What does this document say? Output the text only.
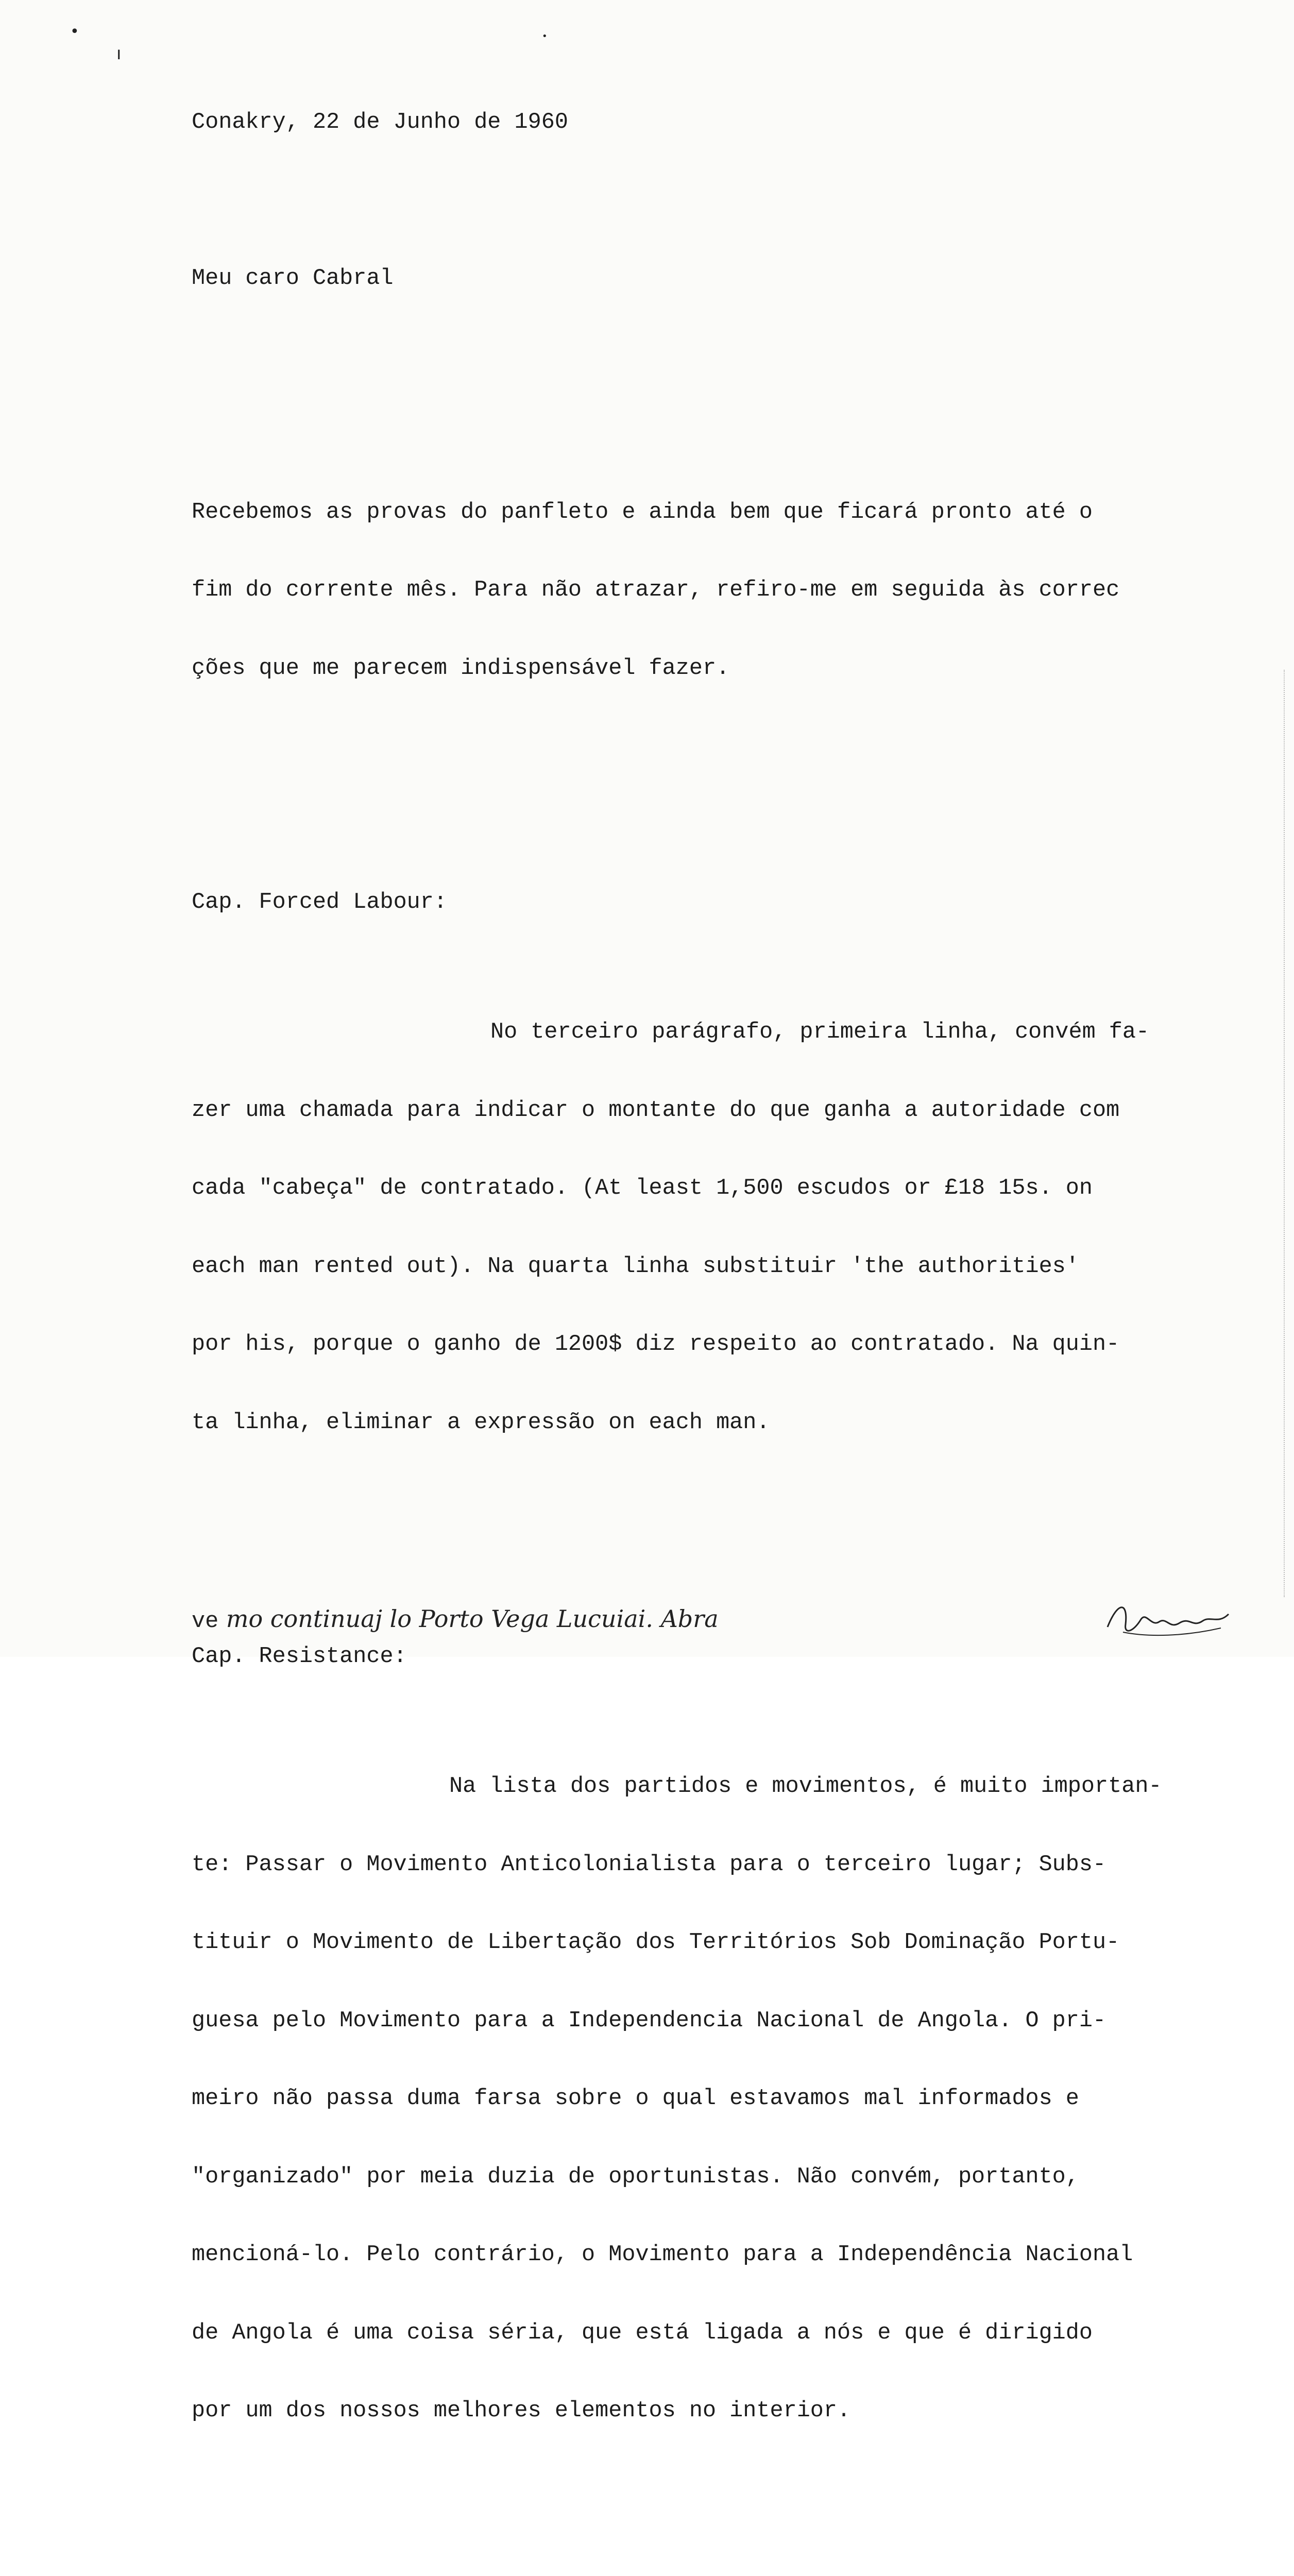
•
ı
•

Conakry, 22 de Junho de 1960

Meu caro Cabral

Recebemos as provas do panfleto e ainda bem que ficará pronto até o

fim do corrente mês. Para não atrazar, refiro-me em seguida às correc

ções que me parecem indispensável fazer.

Cap. Forced Labour:

No terceiro parágrafo, primeira linha, convém fa-

zer uma chamada para indicar o montante do que ganha a autoridade com

cada "cabeça" de contratado. (At least 1,500 escudos or £18 15s. on

each man rented out). Na quarta linha substituir 'the authorities'

por his, porque o ganho de 1200$ diz respeito ao contratado. Na quin-

ta linha, eliminar a expressão on each man.

Cap. Resistance:

Na lista dos partidos e movimentos, é muito importan-

te: Passar o Movimento Anticolonialista para o terceiro lugar; Subs-

tituir o Movimento de Libertação dos Territórios Sob Dominação Portu-

guesa pelo Movimento para a Independencia Nacional de Angola. O pri-

meiro não passa duma farsa sobre o qual estavamos mal informados e

"organizado" por meia duzia de oportunistas. Não convém, portanto,

mencioná-lo. Pelo contrário, o Movimento para a Independência Nacional

de Angola é uma coisa séria, que está ligada a nós e que é dirigido

por um dos nossos melhores elementos no interior.

ve mo continuaj lo Porto Vega Lucuiai. Abra
